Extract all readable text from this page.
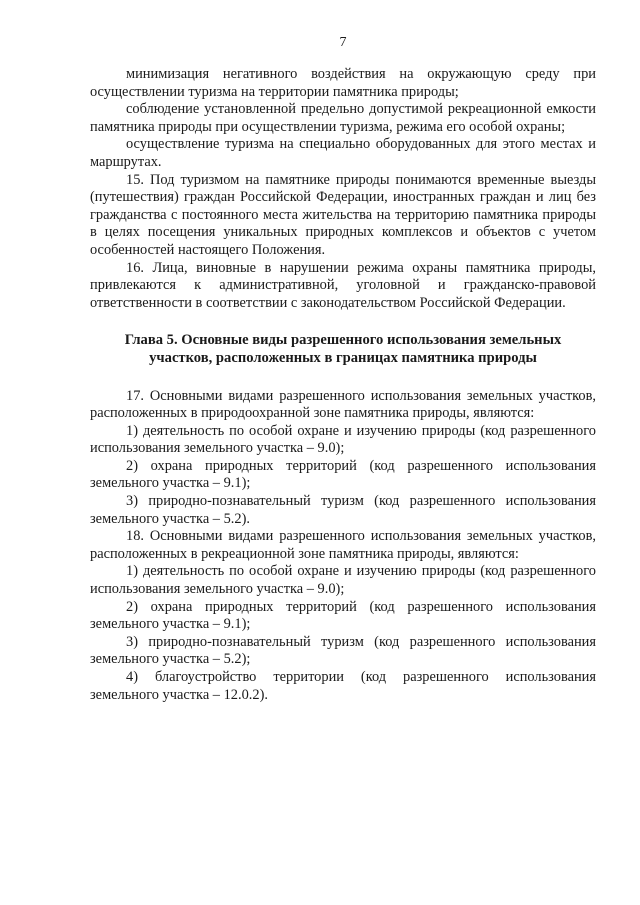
7

минимизация негативного воздействия на окружающую среду при осуществлении туризма на территории памятника природы;

соблюдение установленной предельно допустимой рекреационной емкости памятника природы при осуществлении туризма, режима его особой охраны;

осуществление туризма на специально оборудованных для этого местах и маршрутах.

15. Под туризмом на памятнике природы понимаются временные выезды (путешествия) граждан Российской Федерации, иностранных граждан и лиц без гражданства с постоянного места жительства на территорию памятника природы в целях посещения уникальных природных комплексов и объектов с учетом особенностей настоящего Положения.

16. Лица, виновные в нарушении режима охраны памятника природы, привлекаются к административной, уголовной и гражданско-правовой ответственности в соответствии с законодательством Российской Федерации.

Глава 5. Основные виды разрешенного использования земельных участков, расположенных в границах памятника природы

17. Основными видами разрешенного использования земельных участков, расположенных в природоохранной зоне памятника природы, являются:

1) деятельность по особой охране и изучению природы (код разрешенного использования земельного участка – 9.0);

2) охрана природных территорий (код разрешенного использования земельного участка – 9.1);

3) природно-познавательный туризм (код разрешенного использования земельного участка – 5.2).

18. Основными видами разрешенного использования земельных участков, расположенных в рекреационной зоне памятника природы, являются:

1) деятельность по особой охране и изучению природы (код разрешенного использования земельного участка – 9.0);

2) охрана природных территорий (код разрешенного использования земельного участка – 9.1);

3) природно-познавательный туризм (код разрешенного использования земельного участка – 5.2);

4) благоустройство территории (код разрешенного использования земельного участка – 12.0.2).
